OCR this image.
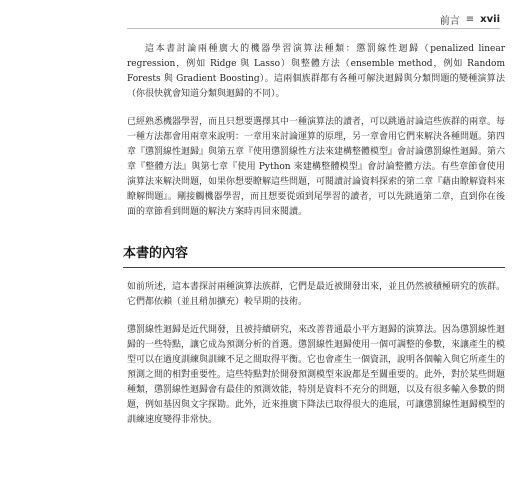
前言 ≡ xvii

這本書討論兩種廣大的機器學習演算法種類：懲罰線性迴歸（penalized linear regression，例如 Ridge 與 Lasso）與整體方法（ensemble method，例如 Random Forests 與 Gradient Boosting）。這兩個族群都有各種可解決迴歸與分類問題的變種演算法（你很快就會知道分類與迴歸的不同）。

已經熟悉機器學習，而且只想要選擇其中一種演算法的讀者，可以跳過討論這些族群的兩章。每一種方法都會用兩章來說明：一章用來討論運算的原理，另一章會用它們來解決各種問題。第四章『懲罰線性迴歸』與第五章『使用懲罰線性方法來建構整體模型』會討論懲罰線性迴歸。第六章『整體方法』與第七章『使用 Python 來建構整體模型』會討論整體方法。有些章節會使用演算法來解決問題，如果你想要瞭解這些問題，可閱讀討論資料探索的第二章『藉由瞭解資料來瞭解問題』。剛接觸機器學習，而且想要從頭到尾學習的讀者，可以先跳過第二章，直到你在後面的章節看到問題的解決方案時再回來閱讀。

本書的內容

如前所述，這本書探討兩種演算法族群，它們是最近被開發出來，並且仍然被積極研究的族群。它們都依賴（並且稍加擴充）較早期的技術。

懲罰線性迴歸是近代開發，且被持續研究，來改善普通最小平方迴歸的演算法。因為懲罰線性迴歸的一些特點，讓它成為預測分析的首選。懲罰線性迴歸使用一個可調整的參數，來讓產生的模型可以在過度訓練與訓練不足之間取得平衡。它也會產生一個資訊，說明各個輸入與它所產生的預測之間的相對重要性。這些特點對於開發預測模型來說都是至關重要的。此外，對於某些問題種類，懲罰線性迴歸會有最佳的預測效能，特別是資料不充分的問題，以及有很多輸入參數的問題，例如基因與文字探勘。此外，近來推廣下降法已取得很大的進展，可讓懲罰線性迴歸模型的訓練速度變得非常快。
